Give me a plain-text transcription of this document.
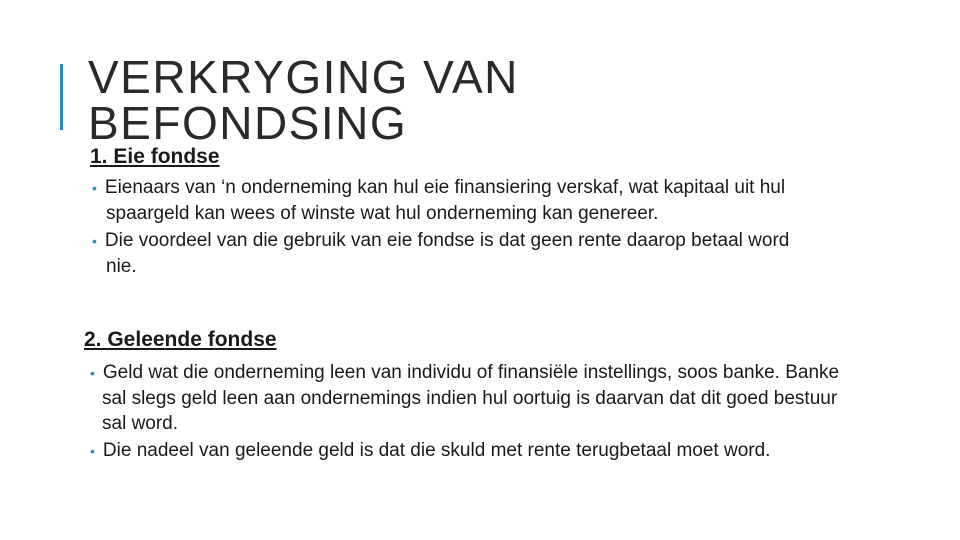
VERKRYGING VAN
BEFONDSING
1. Eie fondse
• Eienaars van ‘n onderneming kan hul eie finansiering verskaf, wat kapitaal uit hul spaargeld kan wees of winste wat hul onderneming kan genereer.
• Die voordeel van die gebruik van eie fondse is dat geen rente daarop betaal word nie.
2. Geleende fondse
• Geld wat die onderneming leen van individu of finansiële instellings, soos banke. Banke sal slegs geld leen aan ondernemings indien hul oortuig is daarvan dat dit goed bestuur sal word.
• Die nadeel van geleende geld is dat die skuld met rente terugbetaal moet word.
